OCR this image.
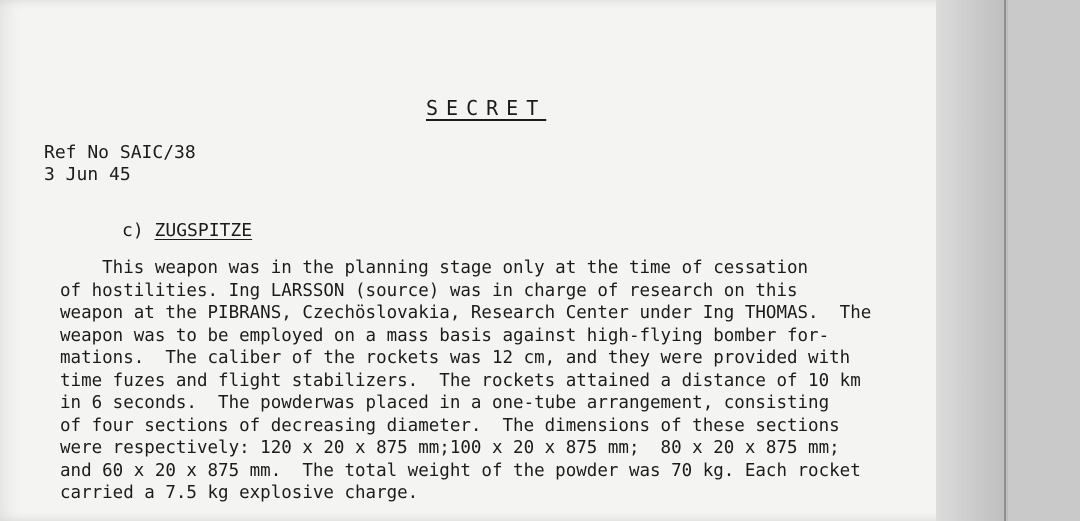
SECRET
Ref No SAIC/38
3 Jun 45
c) ZUGSPITZE
This weapon was in the planning stage only at the time of cessation
of hostilities. Ing LARSSON (source) was in charge of research on this
weapon at the PIBRANS, Czechöslovakia, Research Center under Ing THOMAS.  The
weapon was to be employed on a mass basis against high-flying bomber for-
mations.  The caliber of the rockets was 12 cm, and they were provided with
time fuzes and flight stabilizers.  The rockets attained a distance of 10 km
in 6 seconds.  The powderwas placed in a one-tube arrangement, consisting
of four sections of decreasing diameter.  The dimensions of these sections
were respectively: 120 x 20 x 875 mm;100 x 20 x 875 mm;  80 x 20 x 875 mm;
and 60 x 20 x 875 mm.  The total weight of the powder was 70 kg. Each rocket
carried a 7.5 kg explosive charge.
